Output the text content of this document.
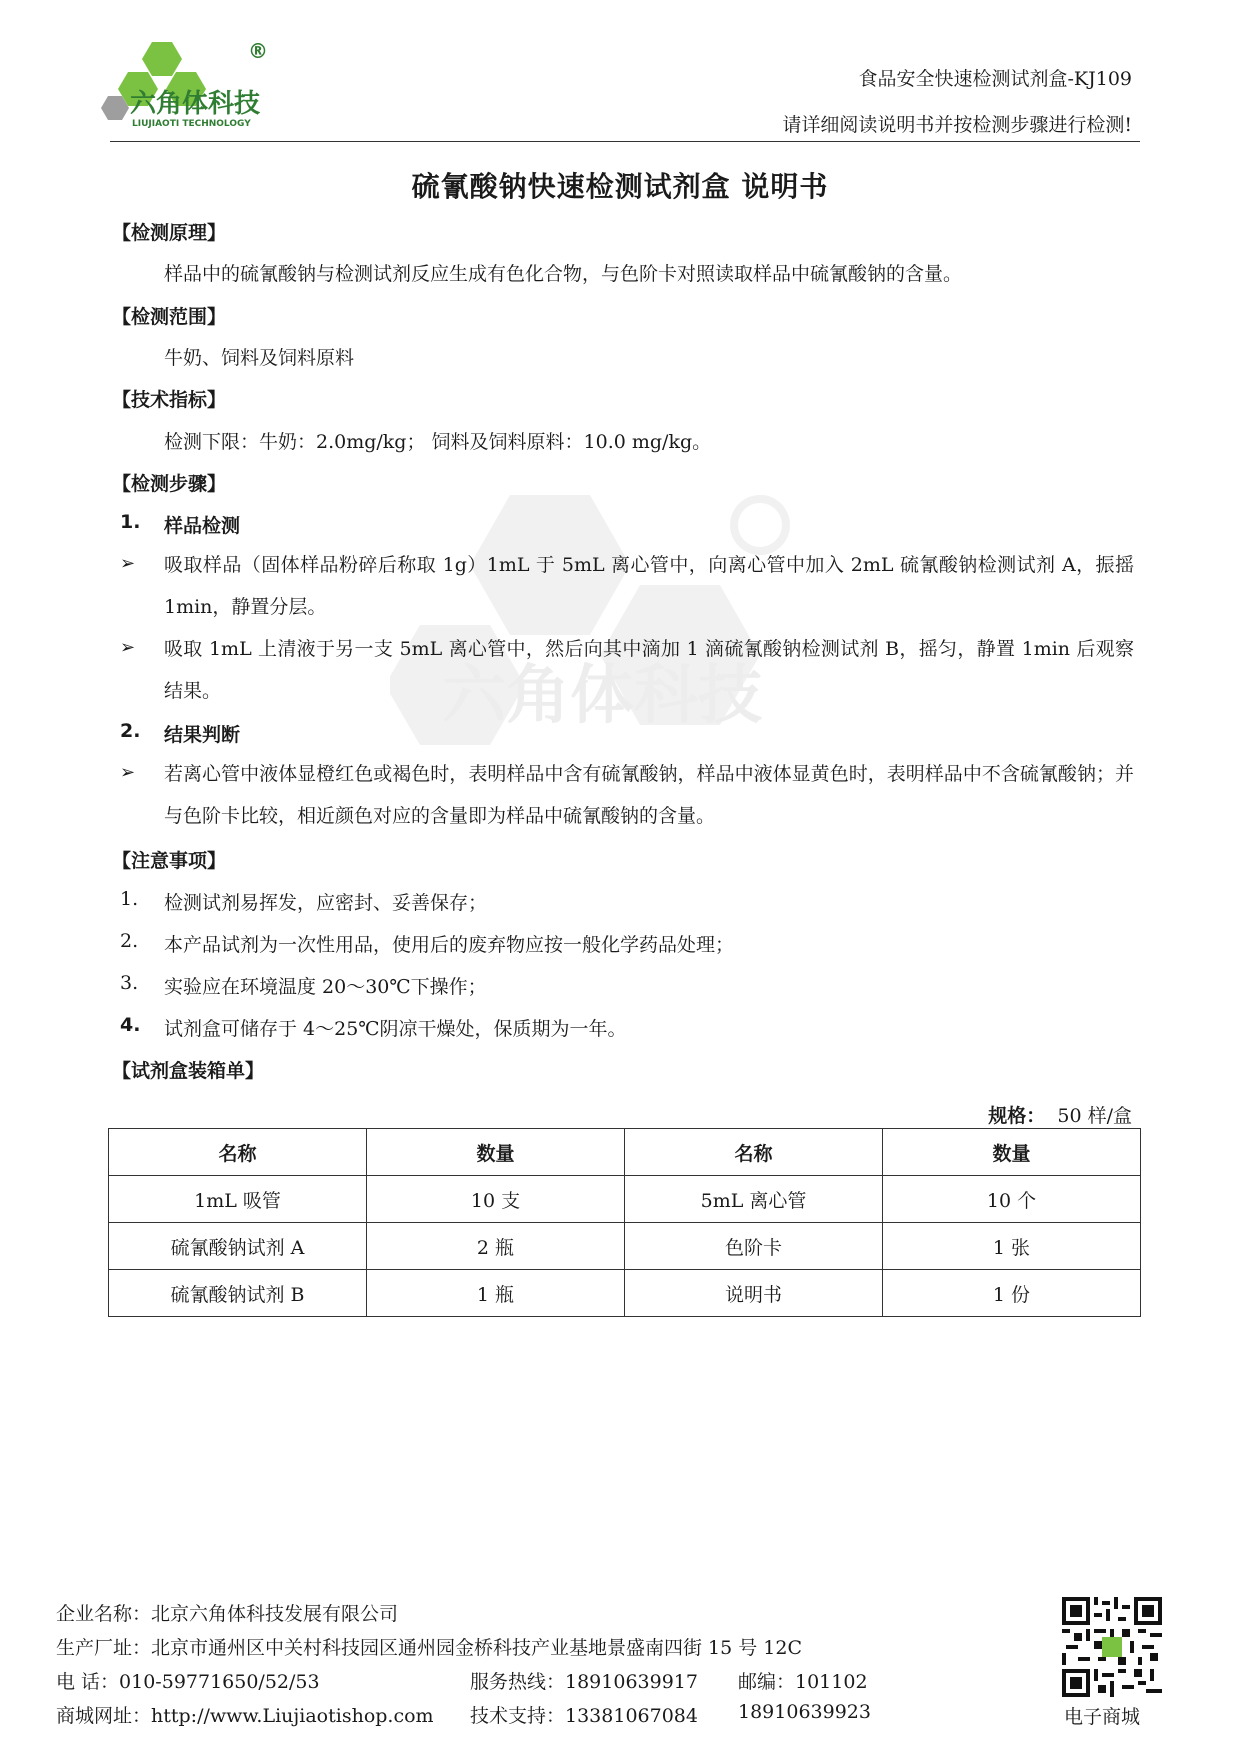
®
六角体科技
LIUJIAOTI TECHNOLOGY
食品安全快速检测试剂盒-KJ109
请详细阅读说明书并按检测步骤进行检测!
六角体科技
硫氰酸钠快速检测试剂盒 说明书
【检测原理】
样品中的硫氰酸钠与检测试剂反应生成有色化合物，与色阶卡对照读取样品中硫氰酸钠的含量。
【检测范围】
牛奶、饲料及饲料原料
【技术指标】
检测下限：牛奶：2.0mg/kg； 饲料及饲料原料：10.0 mg/kg。
【检测步骤】
1. 样品检测
➢ 吸取样品（固体样品粉碎后称取 1g）1mL 于 5mL 离心管中，向离心管中加入 2mL 硫氰酸钠检测试剂 A，振摇 1min，静置分层。
➢ 吸取 1mL 上清液于另一支 5mL 离心管中，然后向其中滴加 1 滴硫氰酸钠检测试剂 B，摇匀，静置 1min 后观察结果。
2. 结果判断
➢ 若离心管中液体显橙红色或褐色时，表明样品中含有硫氰酸钠，样品中液体显黄色时，表明样品中不含硫氰酸钠；并与色阶卡比较，相近颜色对应的含量即为样品中硫氰酸钠的含量。
【注意事项】
1. 检测试剂易挥发，应密封、妥善保存；
2. 本产品试剂为一次性用品，使用后的废弃物应按一般化学药品处理；
3. 实验应在环境温度 20～30℃下操作；
4. 试剂盒可储存于 4～25℃阴凉干燥处，保质期为一年。
【试剂盒装箱单】
规格： 50 样/盒
名称	数量	名称	数量
1mL 吸管	10 支	5mL 离心管	10 个
硫氰酸钠试剂 A	2 瓶	色阶卡	1 张
硫氰酸钠试剂 B	1 瓶	说明书	1 份
企业名称：北京六角体科技发展有限公司
生产厂址：北京市通州区中关村科技园区通州园金桥科技产业基地景盛南四街 15 号 12C
电 话：010-59771650/52/53	服务热线：18910639917 邮编：101102
商城网址：http://www.Liujiaotishop.com 技术支持：13381067084 18910639923	电子商城
